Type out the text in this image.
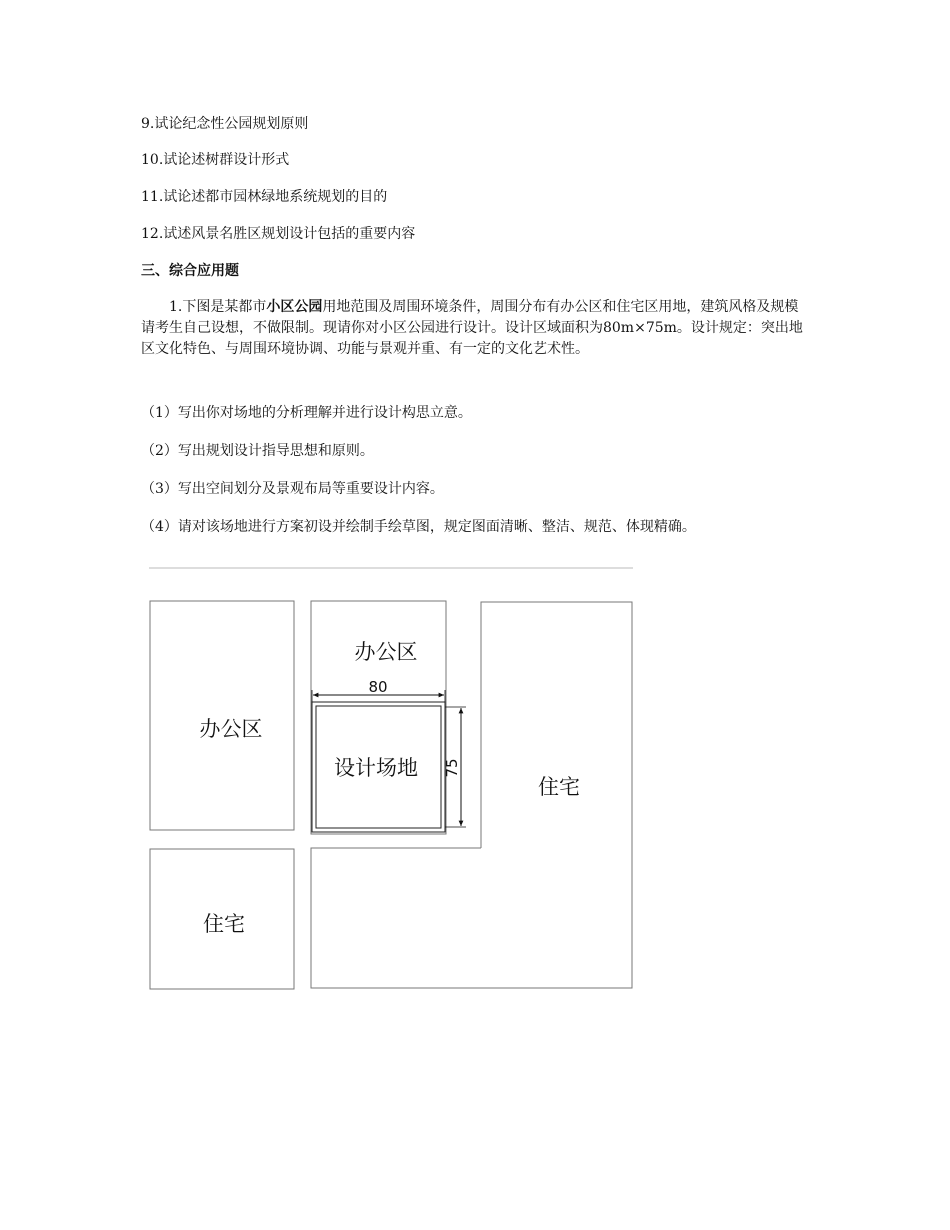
9.试论纪念性公园规划原则
10.试论述树群设计形式
11.试论述都市园林绿地系统规划的目的
12.试述风景名胜区规划设计包括的重要内容
三、综合应用题
1.下图是某都市小区公园用地范围及周围环境条件，周围分布有办公区和住宅区用地，建筑风格及规模请考生自己设想，不做限制。现请你对小区公园进行设计。设计区域面积为80m×75m。设计规定：突出地区文化特色、与周围环境协调、功能与景观并重、有一定的文化艺术性。
（1）写出你对场地的分析理解并进行设计构思立意。
（2）写出规划设计指导思想和原则。
（3）写出空间划分及景观布局等重要设计内容。
（4）请对该场地进行方案初设并绘制手绘草图，规定图面清晰、整洁、规范、体现精确。
80
75
办公区
办公区
设计场地
住宅
住宅
